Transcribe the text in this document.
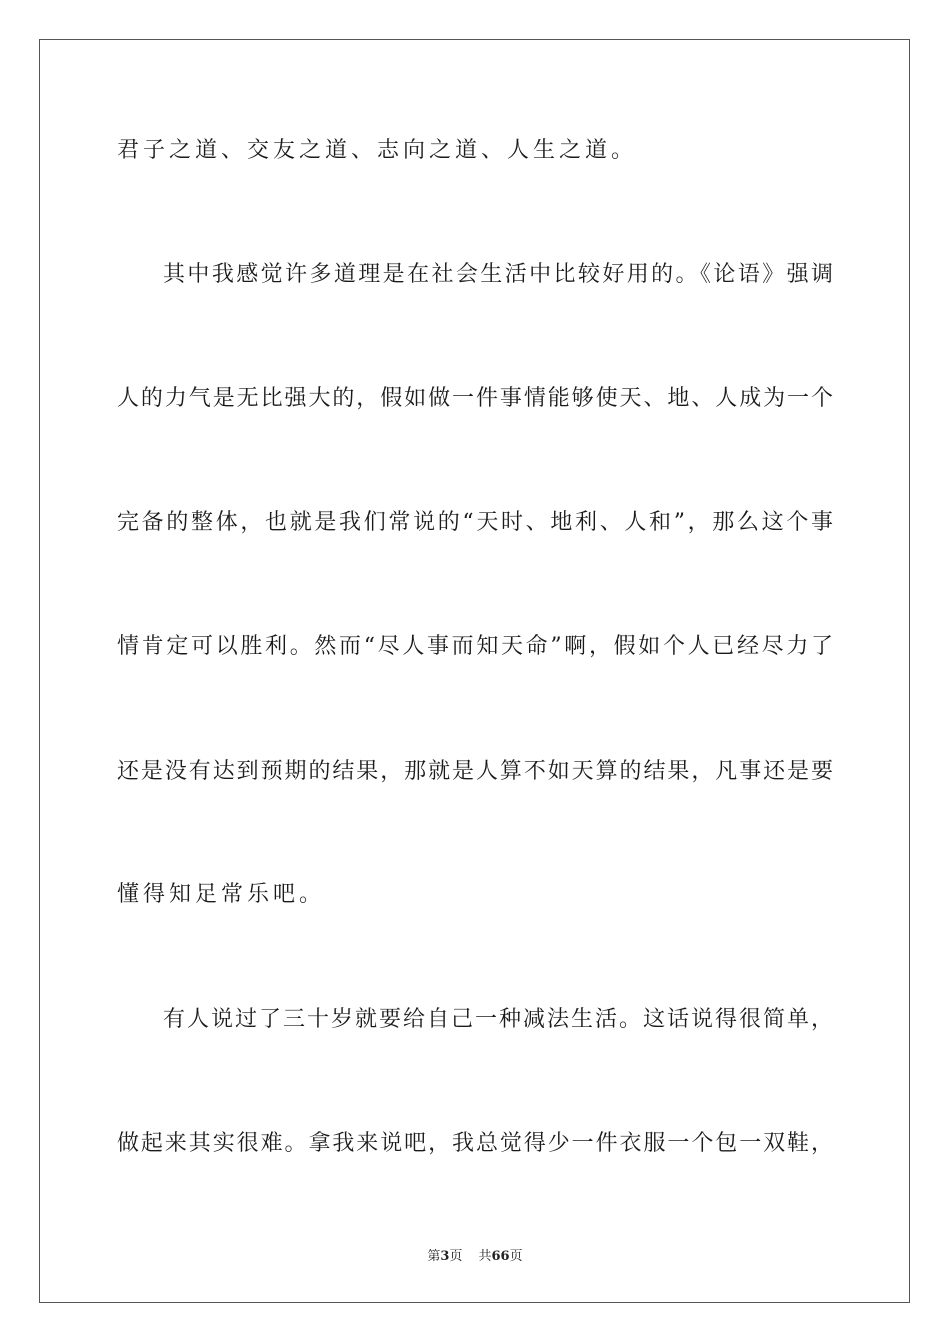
君子之道、交友之道、志向之道、人生之道。
其中我感觉许多道理是在社会生活中比较好用的。《论语》强调
人的力气是无比强大的，假如做一件事情能够使天、地、人成为一个
完备的整体，也就是我们常说的“天时、地利、人和”，那么这个事
情肯定可以胜利。然而“尽人事而知天命”啊，假如个人已经尽力了
还是没有达到预期的结果，那就是人算不如天算的结果，凡事还是要
懂得知足常乐吧。
有人说过了三十岁就要给自己一种减法生活。这话说得很简单，
做起来其实很难。拿我来说吧，我总觉得少一件衣服一个包一双鞋，
第3页 共66页
